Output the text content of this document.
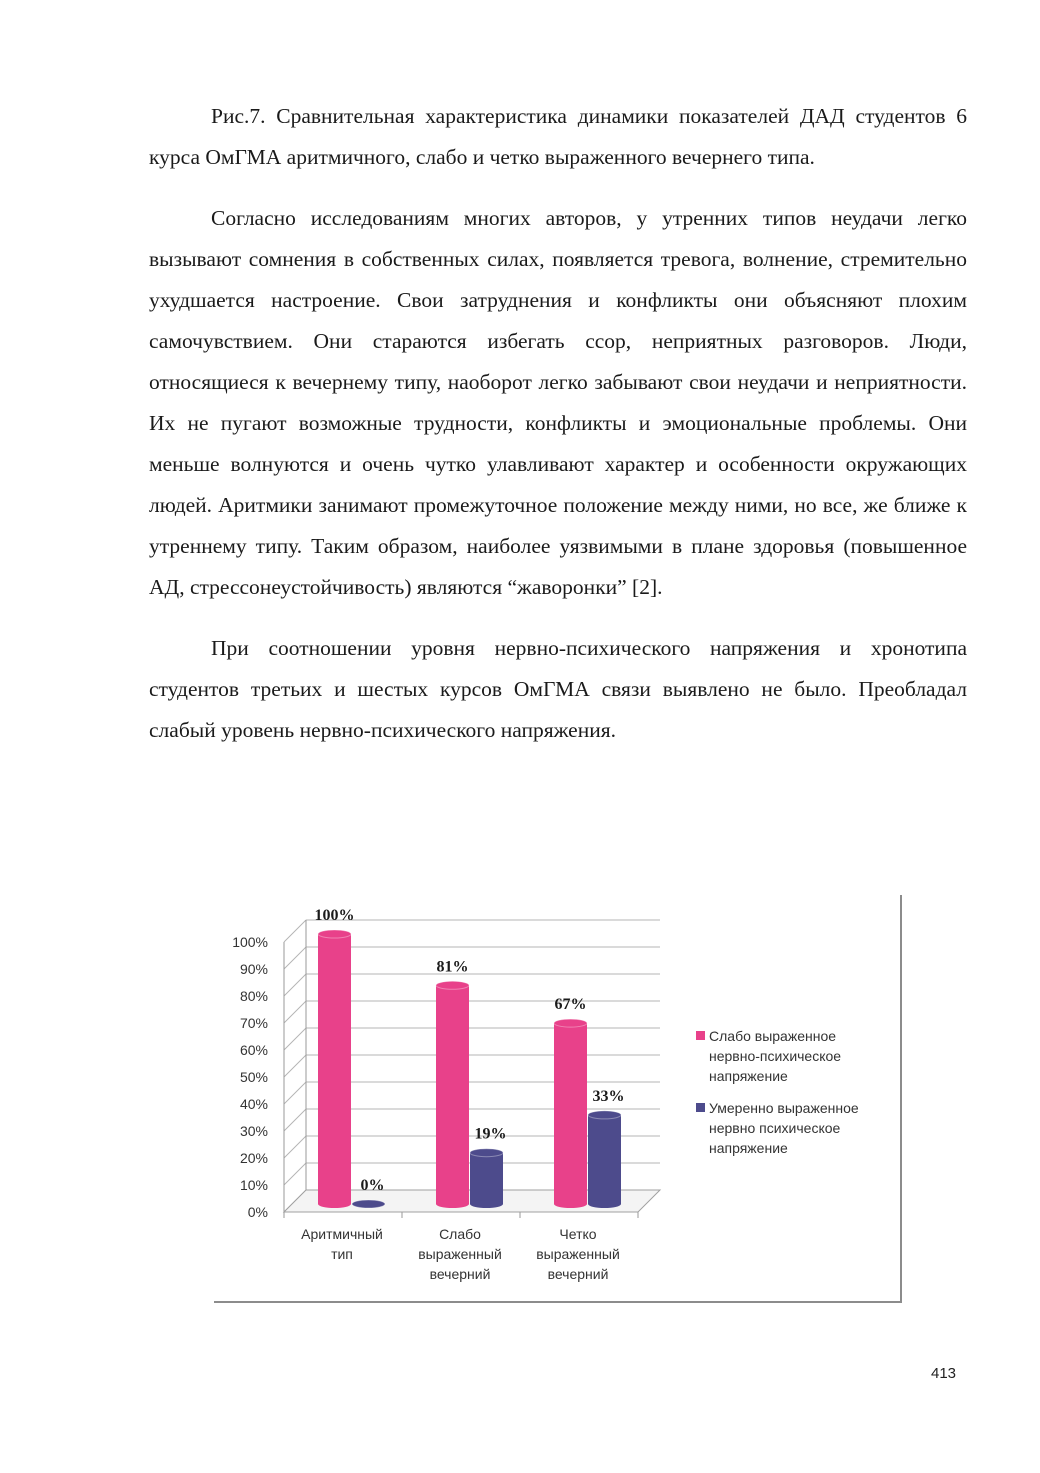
Рис.7. Сравнительная характеристика динамики показателей ДАД студентов 6 курса ОмГМА аритмичного, слабо и четко выраженного вечернего типа.

Согласно исследованиям многих авторов, у утренних типов неудачи легко вызывают сомнения в собственных силах, появляется тревога, волнение, стремительно ухудшается настроение. Свои затруднения и конфликты они объясняют плохим самочувствием. Они стараются избегать ссор, неприятных разговоров. Люди, относящиеся к вечернему типу, наоборот легко забывают свои неудачи и неприятности. Их не пугают возможные трудности, конфликты и эмоциональные проблемы. Они меньше волнуются и очень чутко улавливают характер и особенности окружающих людей. Аритмики занимают промежуточное положение между ними, но все, же ближе к утреннему типу. Таким образом, наиболее уязвимыми в плане здоровья (повышенное АД, стрессонеустойчивость) являются “жаворонки” [2].

При соотношении уровня нервно-психического напряжения и хронотипа студентов третьих и шестых курсов ОмГМА связи выявлено не было. Преобладал слабый уровень нервно-психического напряжения.

0%
10%
20%
30%
40%
50%
60%
70%
80%
90%
100%
100%
0%
Аритмичный
тип
81%
19%
Слабо
выраженный
вечерний
67%
33%
Четко
выраженный
вечерний
Слабо выраженное
нервно-психическое
напряжение
Умеренно выраженное
нервно психическое
напряжение
413
